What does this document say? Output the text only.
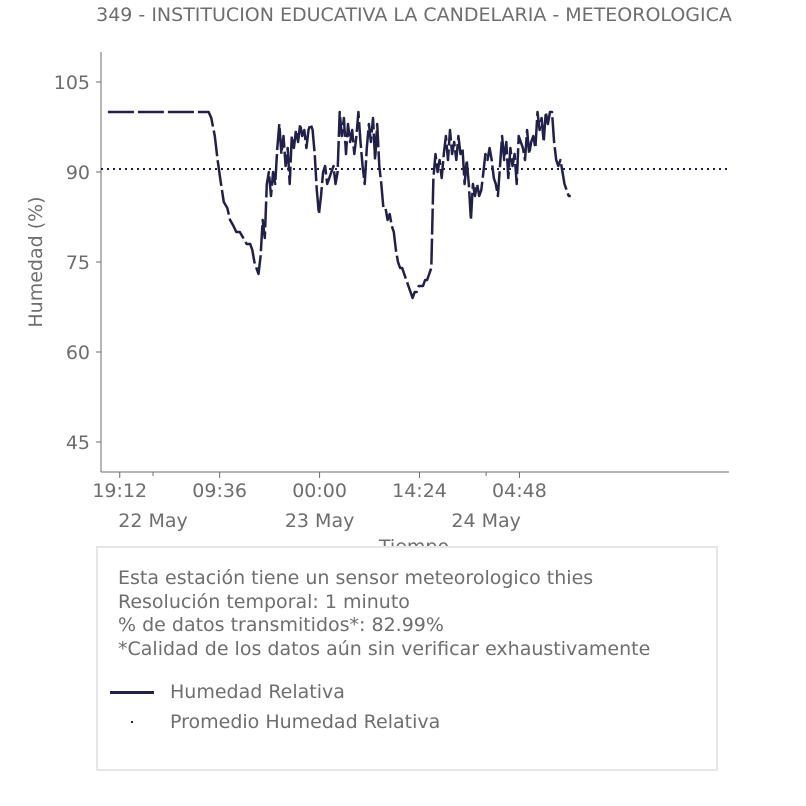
349 - INSTITUCION EDUCATIVA LA CANDELARIA - METEOROLOGICA
Humedad (%)
45
60
75
90
105
19:12 09:36 00:00 14:24 04:48
22 May	23 May	24 May
Esta estación tiene un sensor meteorologico thies
Resolución temporal: 1 minuto
% de datos transmitidos*: 82.99%
*Calidad de los datos aún sin verificar exhaustivamente
Humedad Relativa
Promedio Humedad Relativa
